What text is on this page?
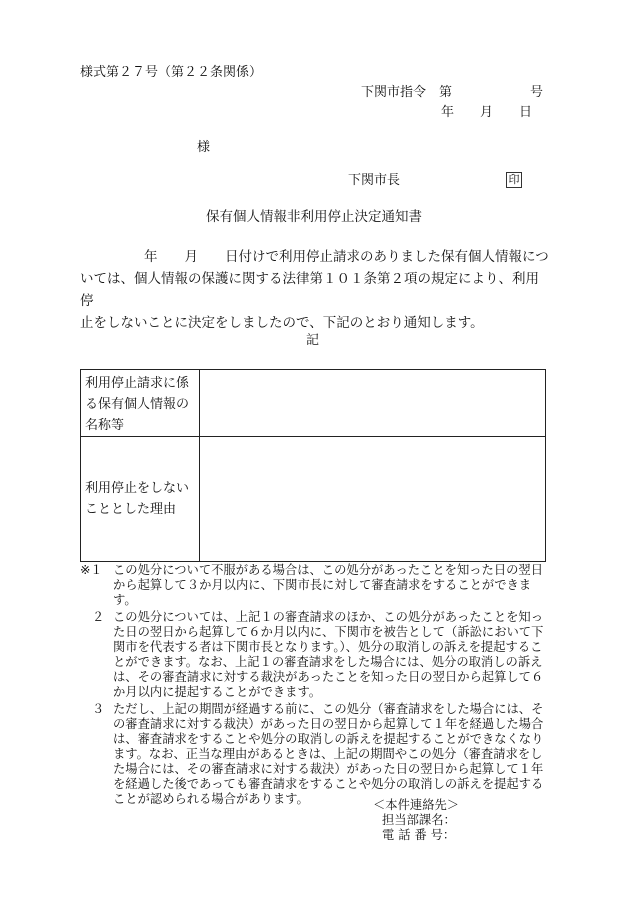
様式第２７号（第２２条関係）
下関市指令　第　　　　　　号
年　　月　　日
様
下関市長	印
保有個人情報非利用停止決定通知書
年　　月　　日付けで利用停止請求のありました保有個人情報につ
いては、個人情報の保護に関する法律第１０１条第２項の規定により、利用停
止をしないことに決定をしましたので、下記のとおり通知します。
記
利用停止請求に係る保有個人情報の名称等	

利用停止をしないこととした理由	

※１ この処分について不服がある場合は、この処分があったことを知った日の翌日から起算して３か月以内に、下関市長に対して審査請求をすることができます。
２ この処分については、上記１の審査請求のほか、この処分があったことを知った日の翌日から起算して６か月以内に、下関市を被告として（訴訟において下関市を代表する者は下関市長となります。）、処分の取消しの訴えを提起することができます。なお、上記１の審査請求をした場合には、処分の取消しの訴えは、その審査請求に対する裁決があったことを知った日の翌日から起算して６か月以内に提起することができます。
３ ただし、上記の期間が経過する前に、この処分（審査請求をした場合には、その審査請求に対する裁決）があった日の翌日から起算して１年を経過した場合は、審査請求をすることや処分の取消しの訴えを提起することができなくなります。なお、正当な理由があるときは、上記の期間やこの処分（審査請求をした場合には、その審査請求に対する裁決）があった日の翌日から起算して１年を経過した後であっても審査請求をすることや処分の取消しの訴えを提起することが認められる場合があります。	＜本件連絡先＞
担当部課名：
電 話 番 号：
